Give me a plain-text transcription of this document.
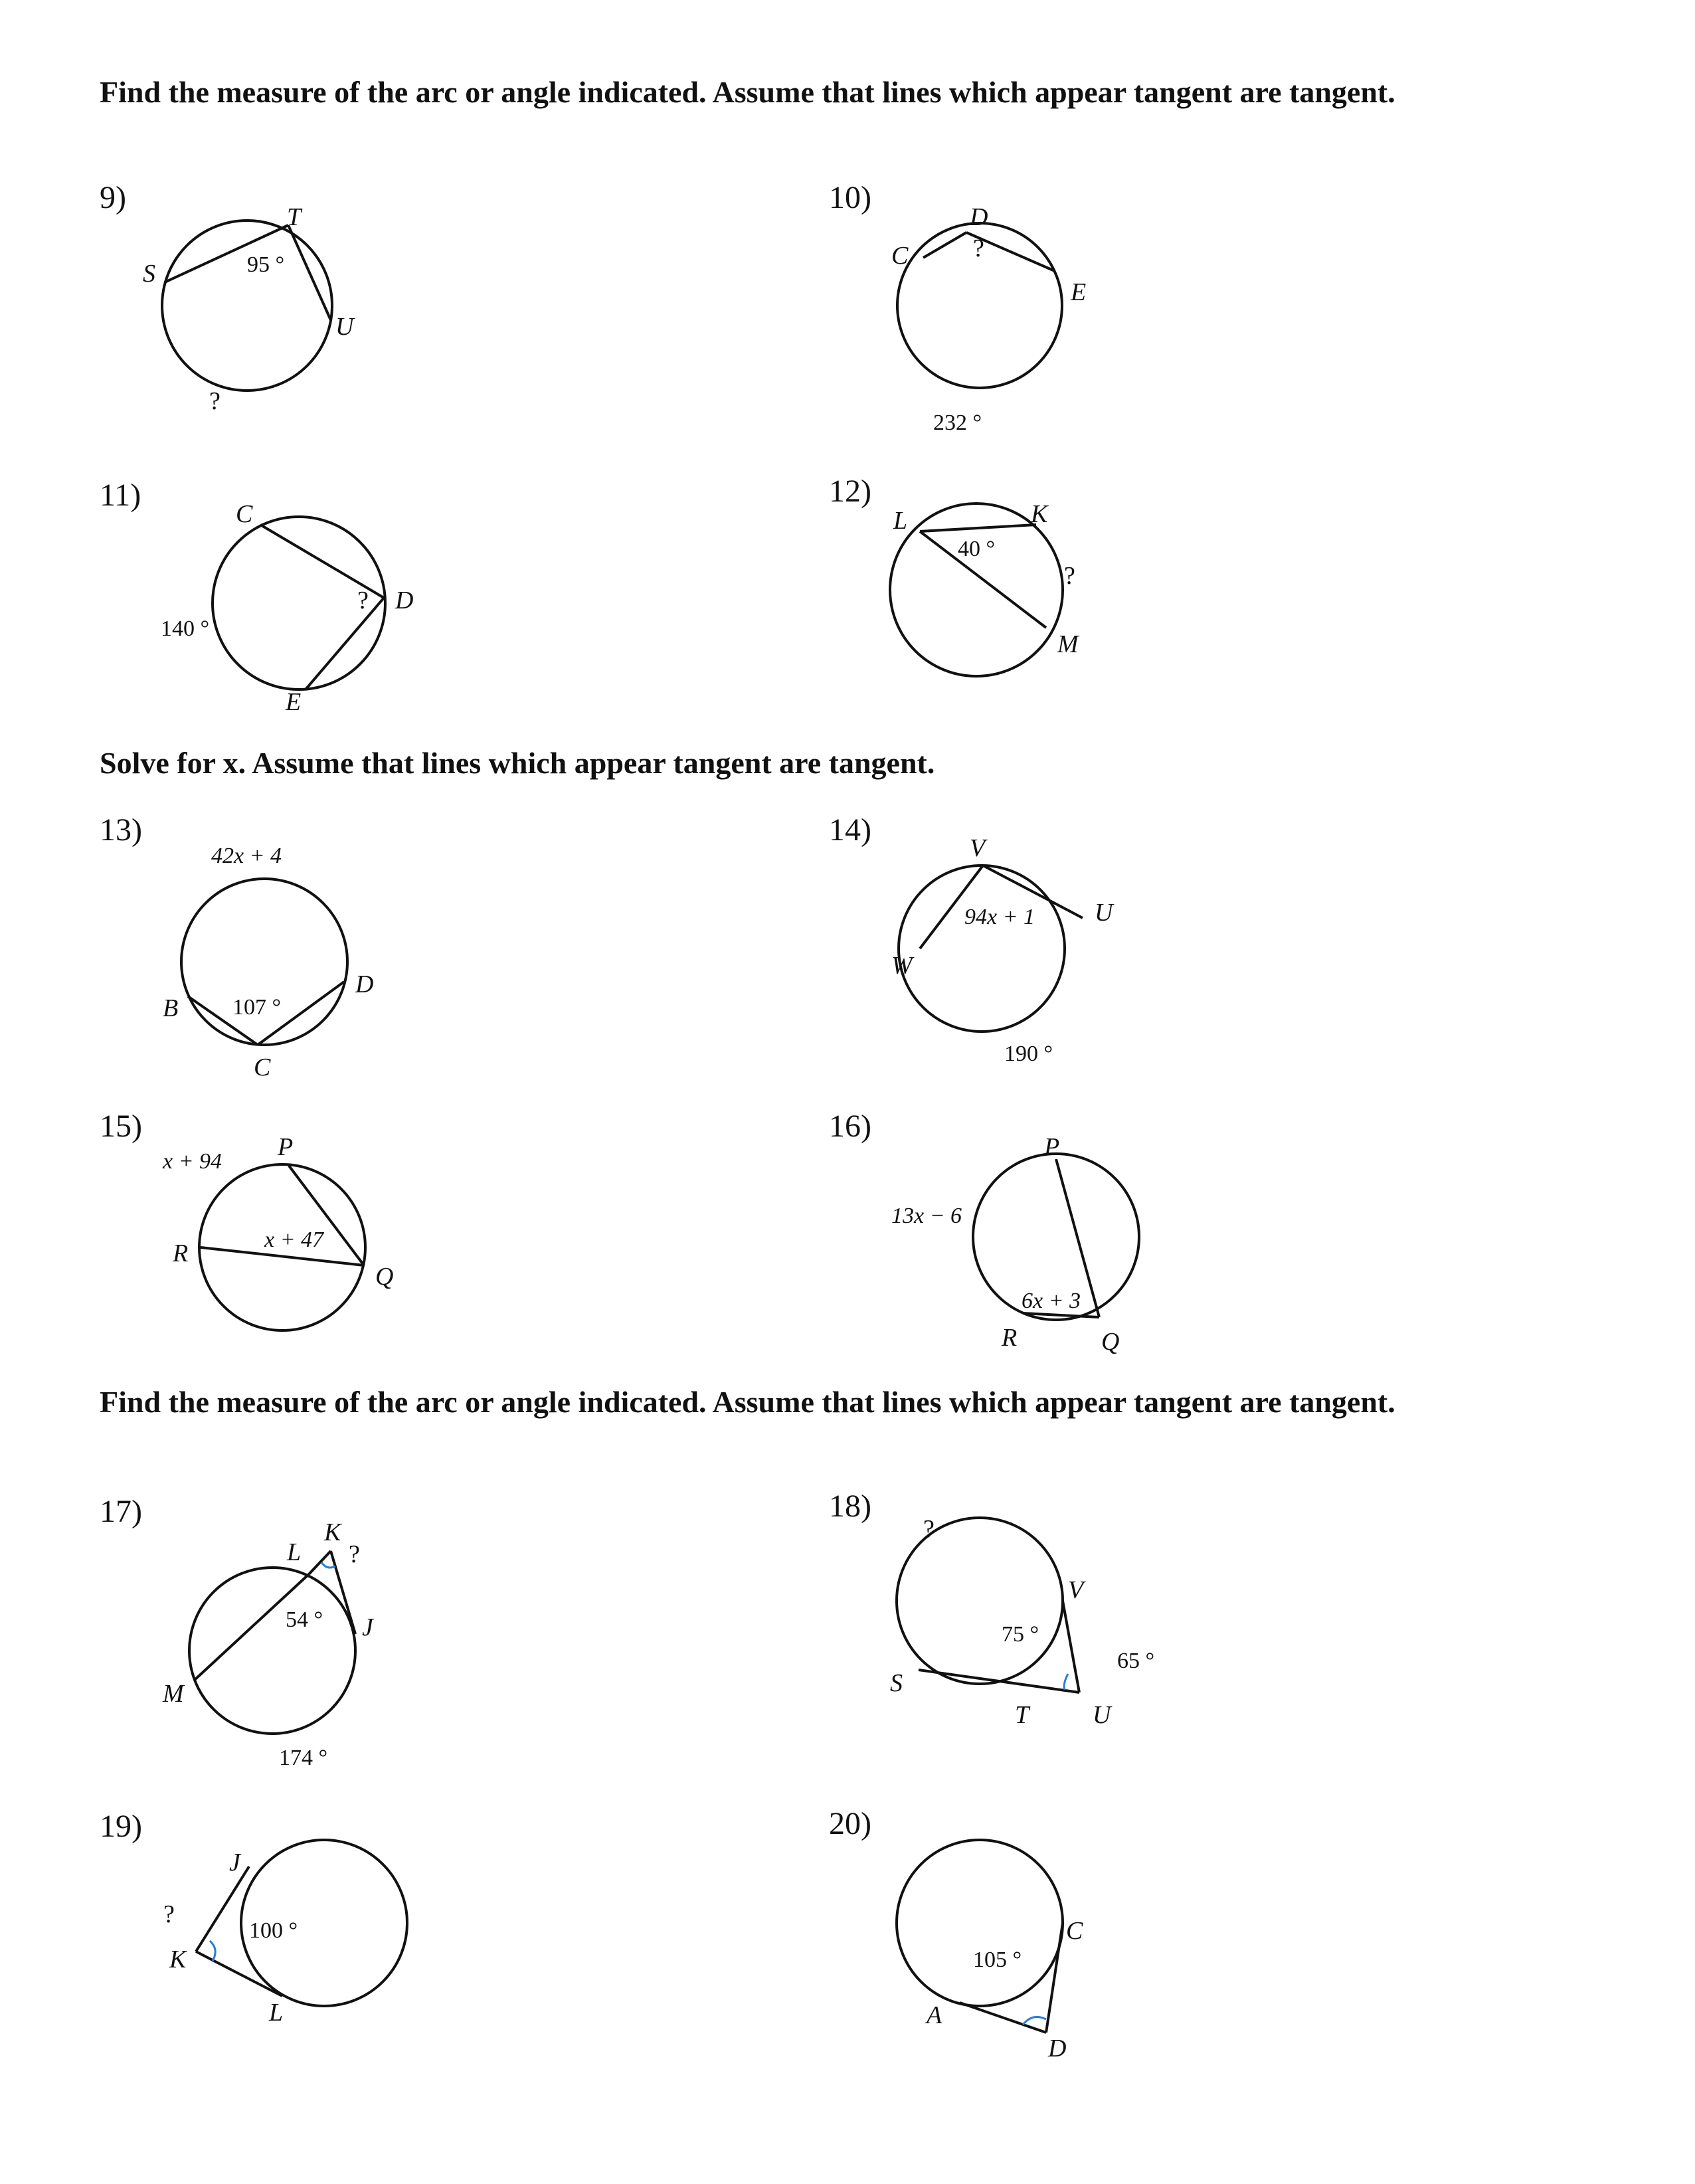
Find the measure of the arc or angle indicated. Assume that lines which appear tangent are tangent.
Solve for x. Assume that lines which appear tangent are tangent.
Find the measure of the arc or angle indicated. Assume that lines which appear tangent are tangent.
9)
S
T
U
95 °
?
10)
C
D
E
?
232 °
11)
C
D
E
?
140 °
12)
L	K
M
40 °
?
13)
42x + 4
B
C
D
107 °
14)
V
U
W
94x + 1
190 °
15)
P
R
Q
x + 94
x + 47
16)
P
R	Q
13x − 6
6x + 3
17)
K
L
J
M
?
54 °
174 °
18)
?
V
S
T	U
75 °
65 °
19)
J
K
L
?
100 °
20)
C
A
D
105 °
